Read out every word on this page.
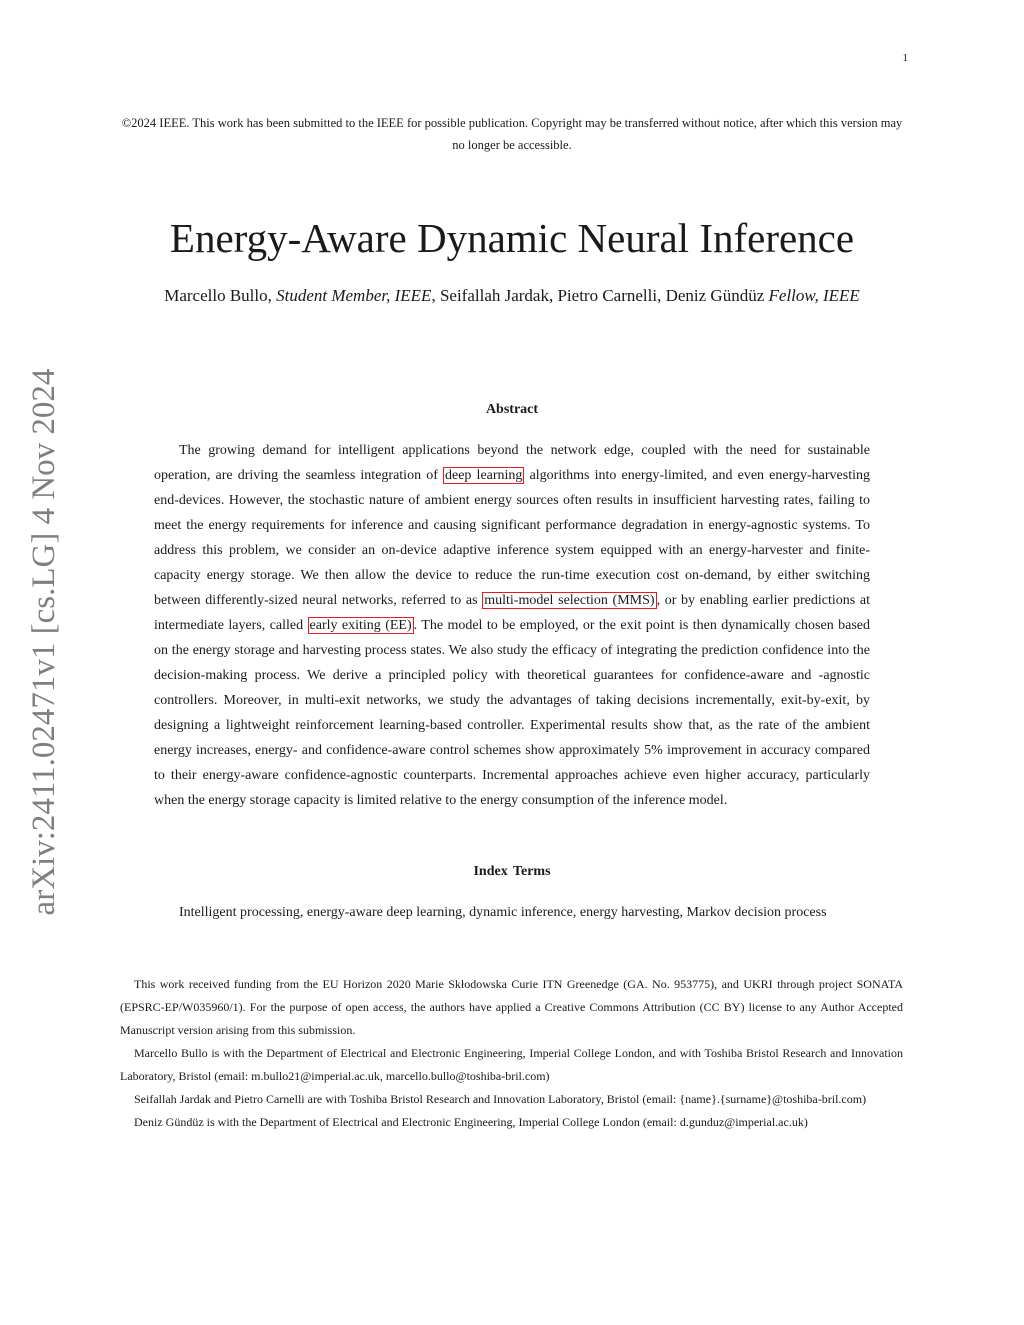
1
©2024 IEEE. This work has been submitted to the IEEE for possible publication. Copyright may be transferred without notice, after which this version may no longer be accessible.
Energy-Aware Dynamic Neural Inference
Marcello Bullo, Student Member, IEEE, Seifallah Jardak, Pietro Carnelli, Deniz Gündüz Fellow, IEEE
arXiv:2411.02471v1 [cs.LG] 4 Nov 2024	Abstract

The growing demand for intelligent applications beyond the network edge, coupled with the need for sustainable operation, are driving the seamless integration of deep learning algorithms into energy-limited, and even energy-harvesting end-devices. However, the stochastic nature of ambient energy sources often results in insufficient harvesting rates, failing to meet the energy requirements for inference and causing significant performance degradation in energy-agnostic systems. To address this problem, we consider an on-device adaptive inference system equipped with an energy-harvester and finite-capacity energy storage. We then allow the device to reduce the run-time execution cost on-demand, by either switching between differently-sized neural networks, referred to as multi-model selection (MMS) , or by enabling earlier predictions at intermediate layers, called early exiting (EE) . The model to be employed, or the exit point is then dynamically chosen based on the energy storage and harvesting process states. We also study the efficacy of integrating the prediction confidence into the decision-making process. We derive a principled policy with theoretical guarantees for confidence-aware and -agnostic controllers. Moreover, in multi-exit networks, we study the advantages of taking decisions incrementally, exit-by-exit, by designing a lightweight reinforcement learning-based controller. Experimental results show that, as the rate of the ambient energy increases, energy- and confidence-aware control schemes show approximately 5% improvement in accuracy compared to their energy-aware confidence-agnostic counterparts. Incremental approaches achieve even higher accuracy, particularly when the energy storage capacity is limited relative to the energy consumption of the inference model.

Index Terms

Intelligent processing, energy-aware deep learning, dynamic inference, energy harvesting, Markov decision process

This work received funding from the EU Horizon 2020 Marie Skłodowska Curie ITN Greenedge (GA. No. 953775), and UKRI through project SONATA (EPSRC-EP/W035960/1). For the purpose of open access, the authors have applied a Creative Commons Attribution (CC BY) license to any Author Accepted Manuscript version arising from this submission.

Marcello Bullo is with the Department of Electrical and Electronic Engineering, Imperial College London, and with Toshiba Bristol Research and Innovation Laboratory, Bristol (email: m.bullo21@imperial.ac.uk, marcello.bullo@toshiba-bril.com)

Seifallah Jardak and Pietro Carnelli are with Toshiba Bristol Research and Innovation Laboratory, Bristol (email: {name}.{surname}@toshiba-bril.com)

Deniz Gündüz is with the Department of Electrical and Electronic Engineering, Imperial College London (email: d.gunduz@imperial.ac.uk)
